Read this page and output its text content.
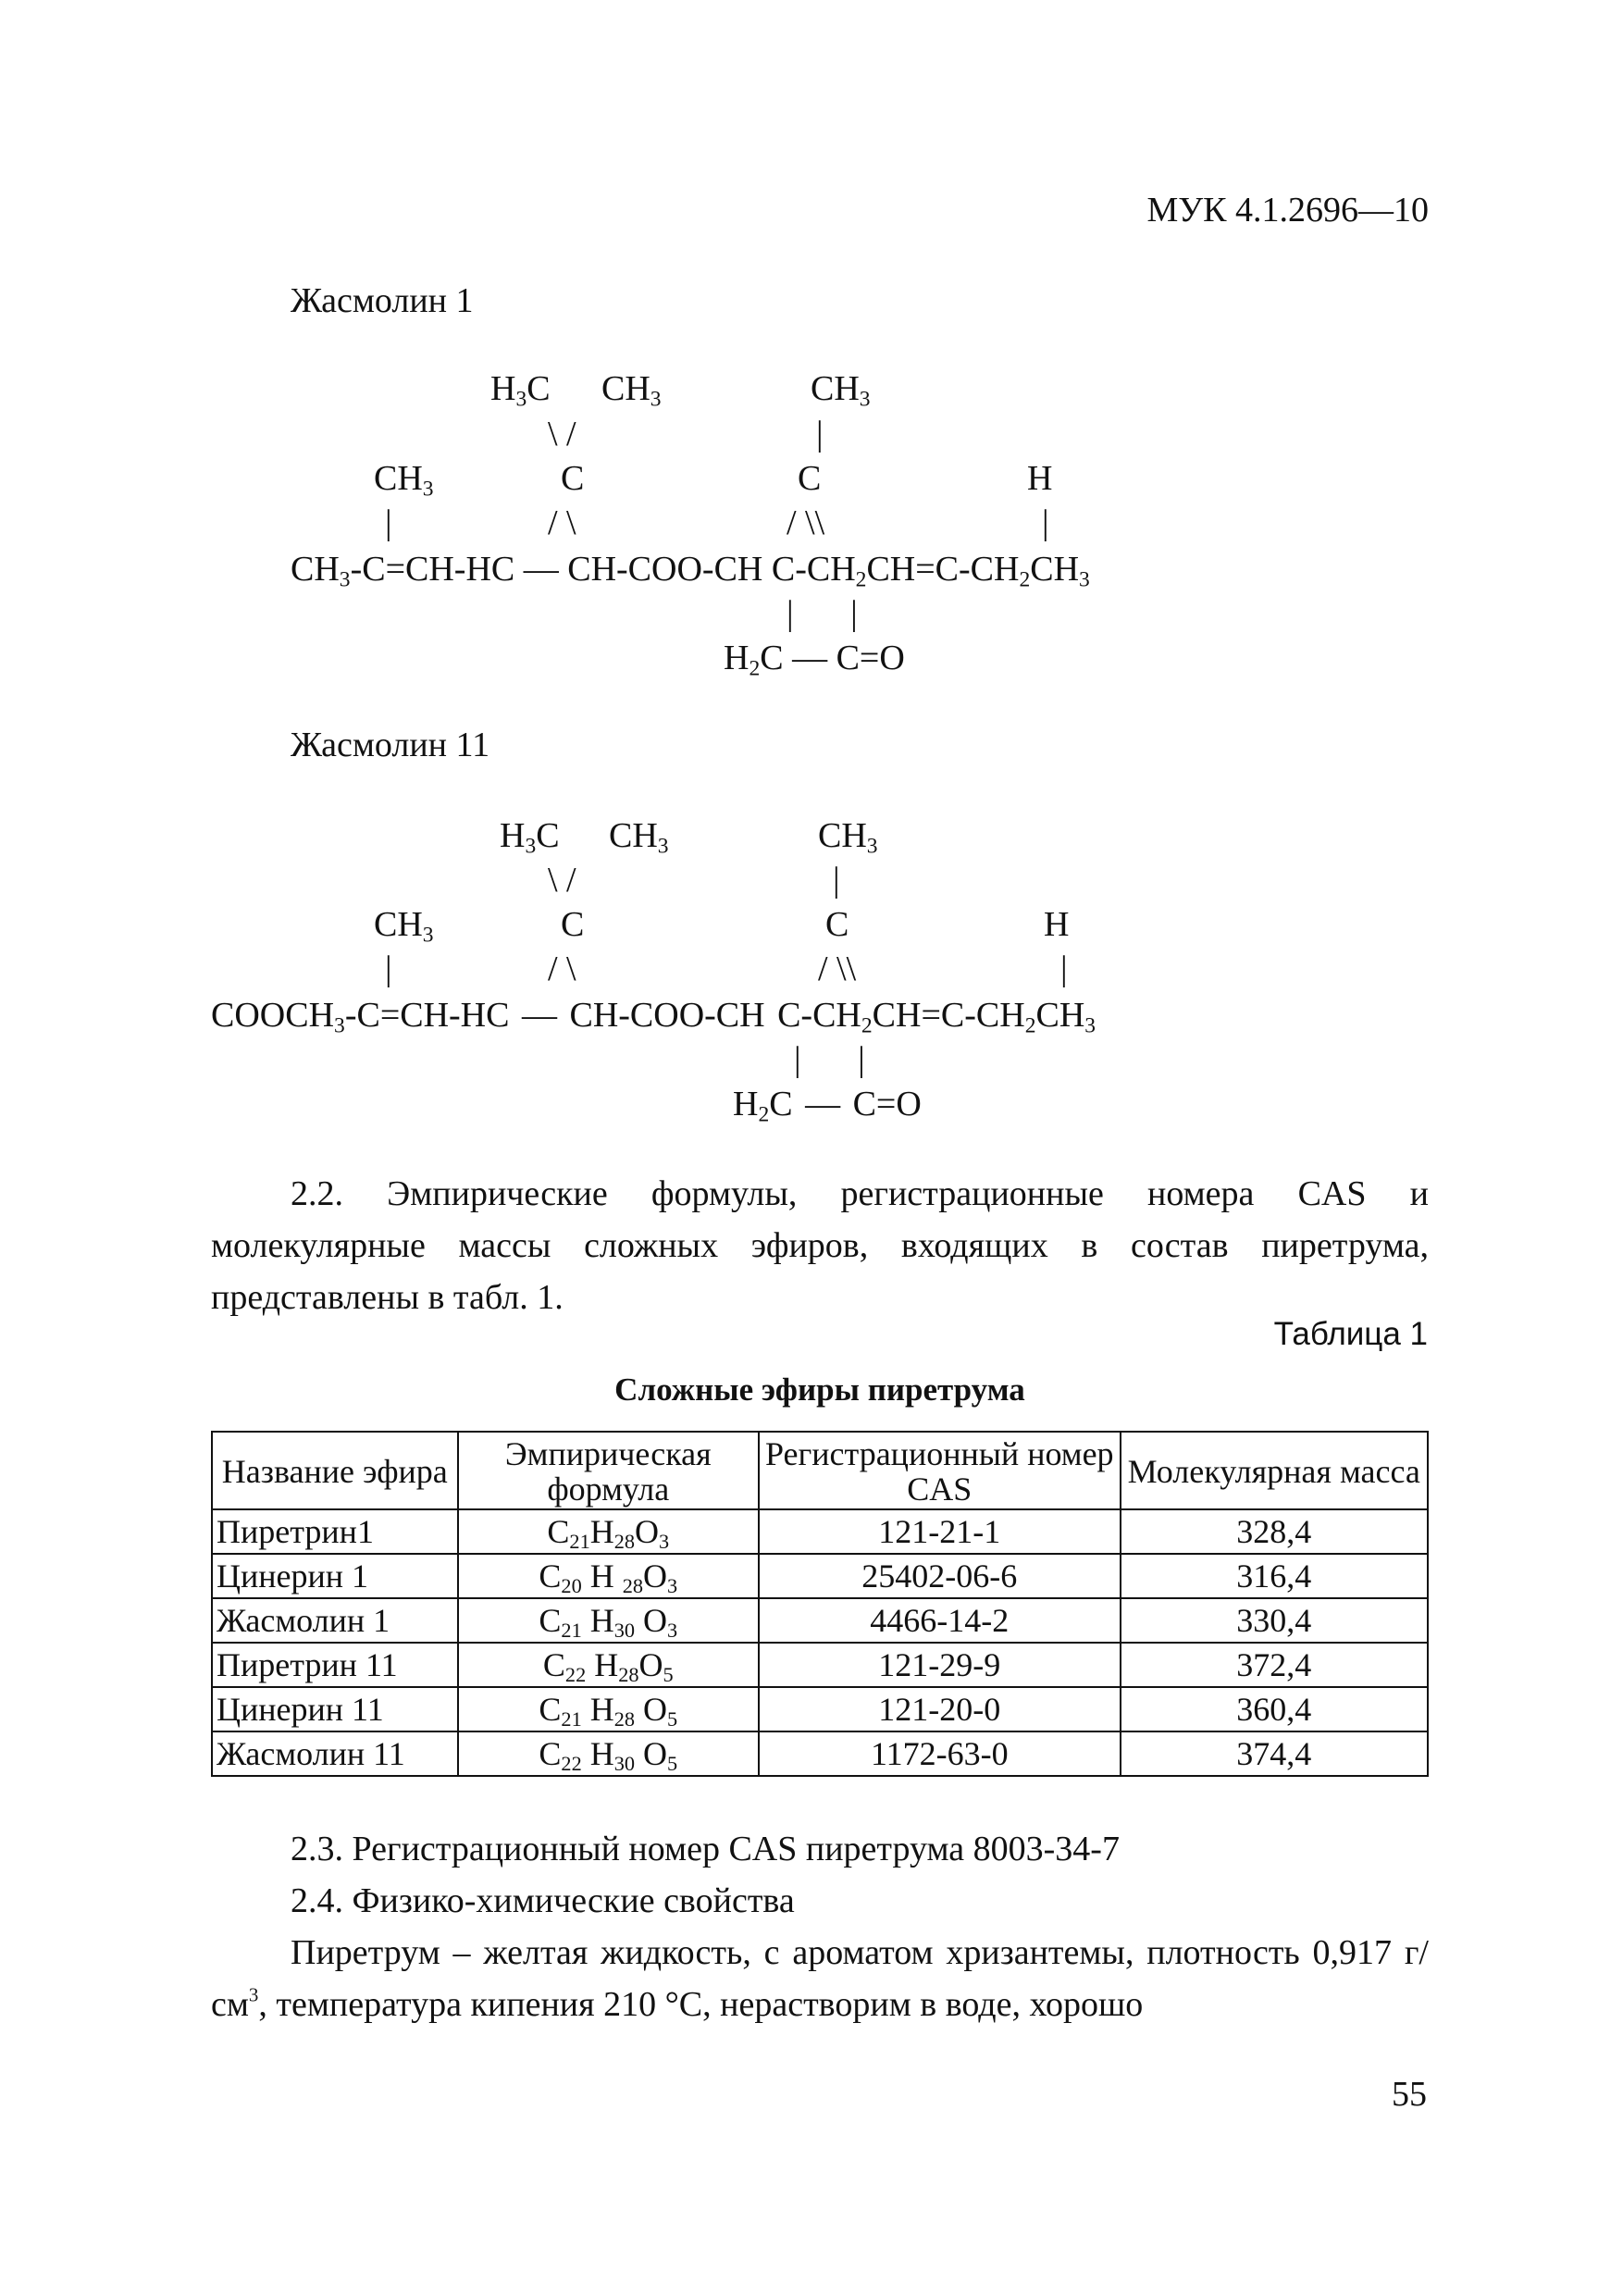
МУК 4.1.2696—10
Жасмолин 1
$H_3C$ $CH_3$	$CH_3$
\ /	|
$CH_3$	C	C	H
|	/ \	/ \\	|
$CH_3-C=CH-HC$ — CH-COO-CH $C-CH_2CH=C-CH_2CH_3$
| |
$H_2C$ — C=O
Жасмолин 11
$H_3C$ $CH_3$	$CH_3$
\ /	|
$CH_3$	C	C	H
|	/ \	/ \\	|
$COOCH_3-C=CH-HC$ — CH-COO-CH $C-CH_2CH=C-CH_2CH_3$
| |
$H_2C$ — C=O

2.2. Эмпирические формулы, регистрационные номера CAS и молекулярные массы сложных эфиров, входящих в состав пиретрума, представлены в табл. 1.

Таблица 1
Сложные эфиры пиретрума
Название эфира	Эмпирическая формула	Регистрационный номер CAS	Молекулярная масса
Пиретрин1	$C_{21}H_{28}O_3$	121-21-1	328,4
Цинерин 1	$C_{20}$ H $_{28}O_3$	25402-06-6	316,4
Жасмолин 1	$C_{21}$ $H_{30}$ $O_3$	4466-14-2	330,4
Пиретрин 11	$C_{22}$ $H_{28}O_5$	121-29-9	372,4
Цинерин 11	$C_{21}$ $H_{28}$ $O_5$	121-20-0	360,4
Жасмолин 11	$C_{22}$ $H_{30}$ $O_5$	1172-63-0	374,4

2.3. Регистрационный номер CAS пиретрума 8003-34-7

2.4. Физико-химические свойства

Пиретрум – желтая жидкость, с ароматом хризантемы, плотность 0,917 $г/см^3$, температура кипения 210 °С, нерастворим в воде, хорошо

55
